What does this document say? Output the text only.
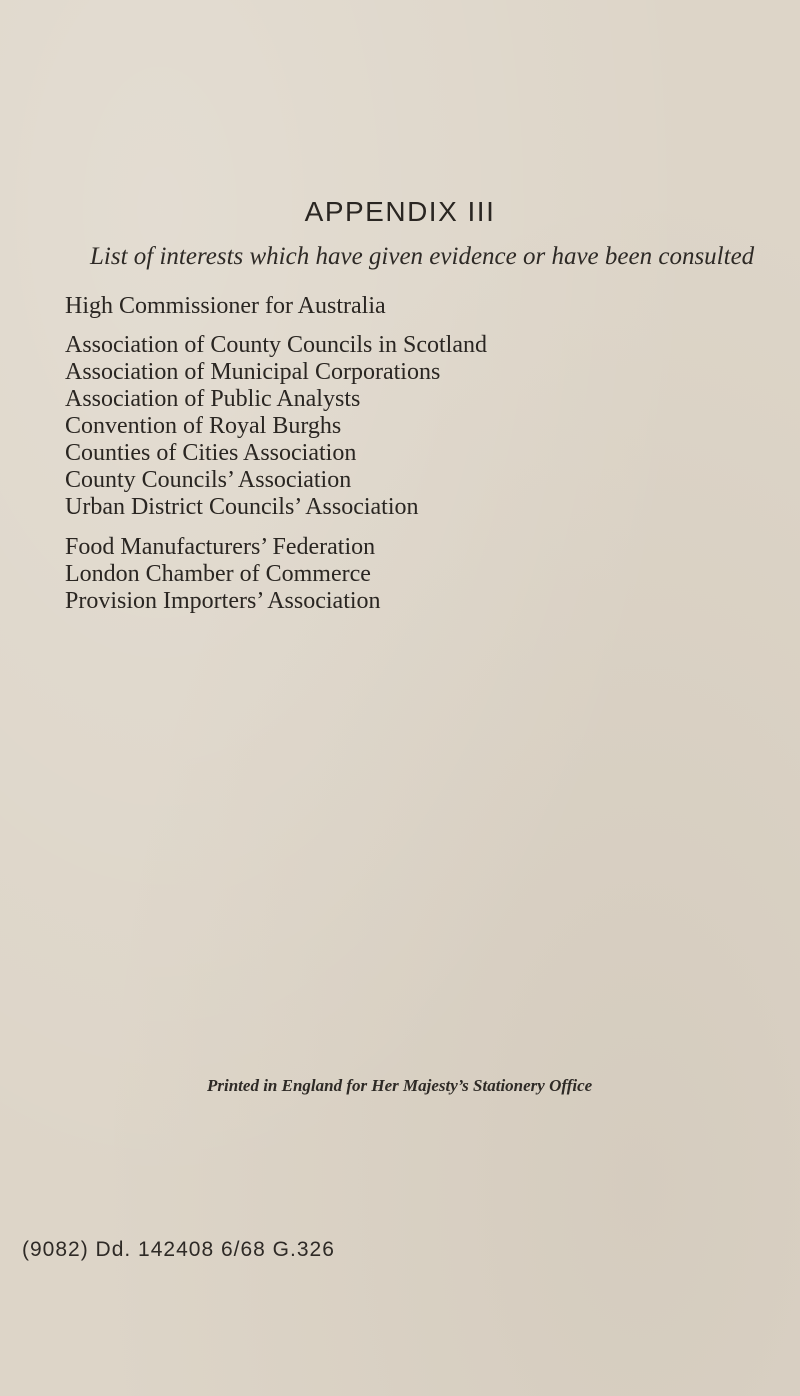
APPENDIX III

List of interests which have given evidence or have been consulted

High Commissioner for Australia
Association of County Councils in Scotland
Association of Municipal Corporations
Association of Public Analysts
Convention of Royal Burghs
Counties of Cities Association
County Councils’ Association
Urban District Councils’ Association
Food Manufacturers’ Federation
London Chamber of Commerce
Provision Importers’ Association

Printed in England for Her Majesty’s Stationery Office

(9082) Dd. 142408 6/68 G.326
